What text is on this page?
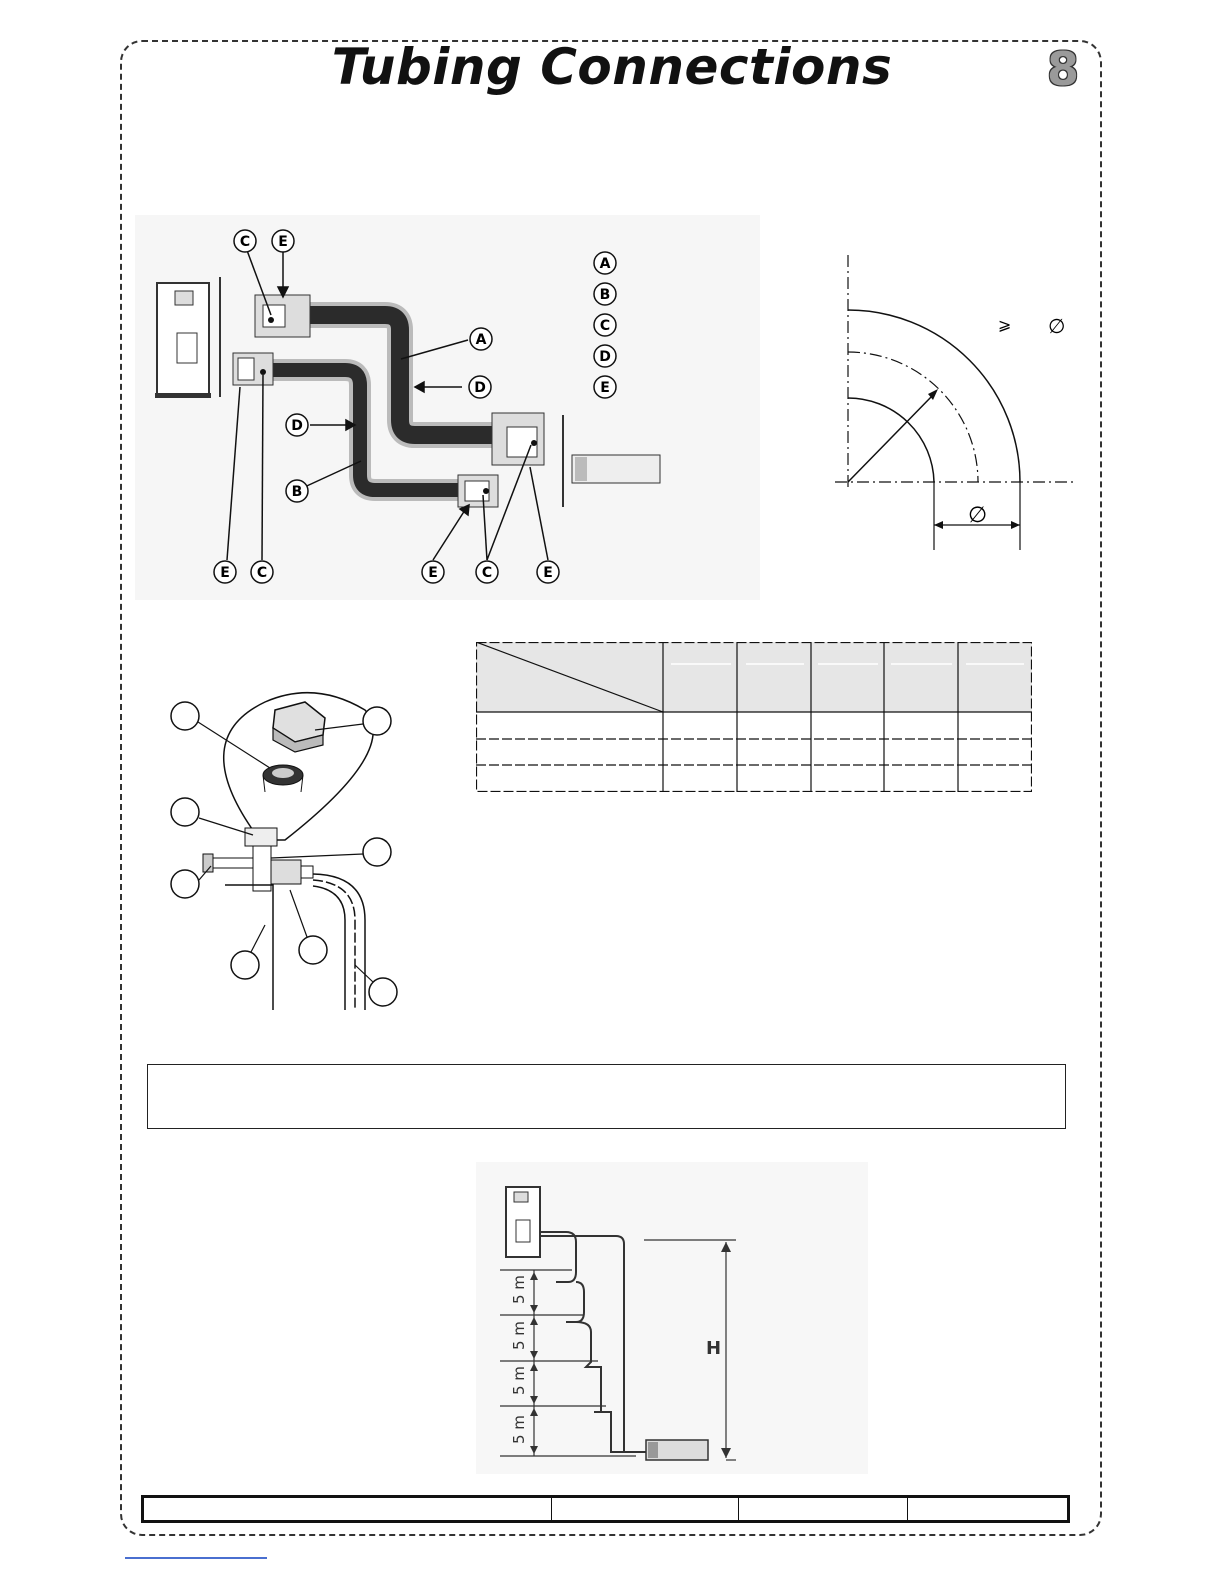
Tubing Connections	8
C E
A
D
D
B
E C	E	C	E
A
B
C
D
E
⩾ ∅
∅
5 m
5 m
5 m
5 m
H
